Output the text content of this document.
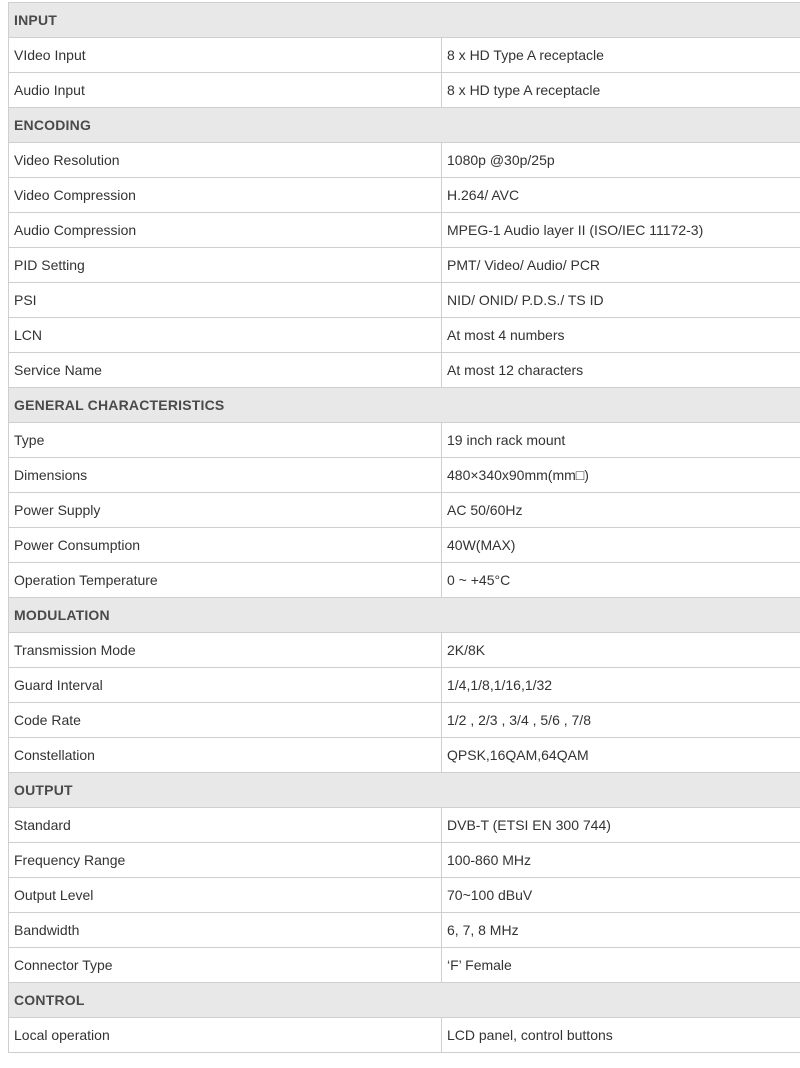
INPUT
VIdeo Input	8 x HD Type A receptacle
Audio Input	8 x HD type A receptacle
ENCODING
Video Resolution	1080p @30p/25p
Video Compression	H.264/ AVC
Audio Compression	MPEG-1 Audio layer II (ISO/IEC 11172-3)
PID Setting	PMT/ Video/ Audio/ PCR
PSI	NID/ ONID/ P.D.S./ TS ID
LCN	At most 4 numbers
Service Name	At most 12 characters
GENERAL CHARACTERISTICS
Type	19 inch rack mount
Dimensions	480×340x90mm(mm□)
Power Supply	AC 50/60Hz
Power Consumption	40W(MAX)
Operation Temperature	0 ~ +45°C
MODULATION
Transmission Mode	2K/8K
Guard Interval	1/4,1/8,1/16,1/32
Code Rate	1/2 , 2/3 , 3/4 , 5/6 , 7/8
Constellation	QPSK,16QAM,64QAM
OUTPUT
Standard	DVB-T (ETSI EN 300 744)
Frequency Range	100-860 MHz
Output Level	70~100 dBuV
Bandwidth	6, 7, 8 MHz
Connector Type	‘F’ Female
CONTROL
Local operation	LCD panel, control buttons
